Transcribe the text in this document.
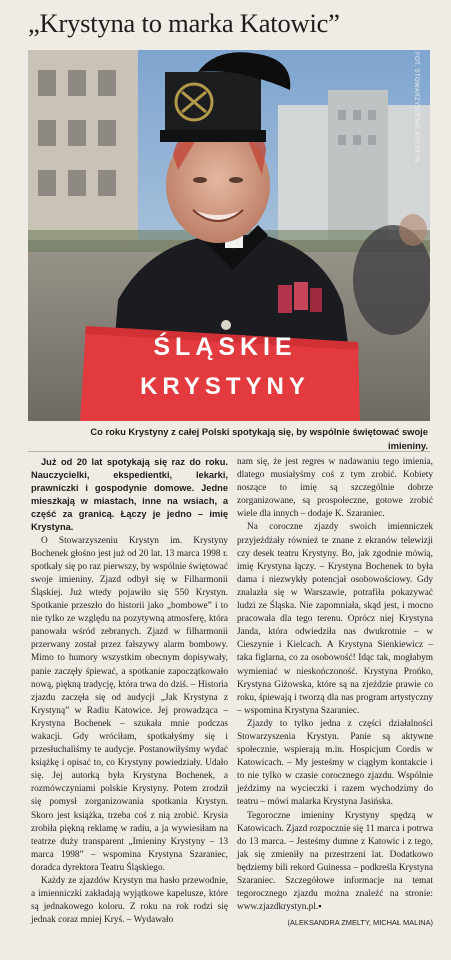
„Krystyna to marka Katowic”
FOT. STOWARZYSZENIE KRYSTYN
ŚLĄSKIE
KRYSTYNY
Co roku Krystyny z całej Polski spotykają się, by wspólnie świętować swoje imieniny.

Już od 20 lat spotykają się raz do roku. Nauczycielki, ekspedientki, lekarki, prawniczki i gospodynie domowe. Jedne mieszkają w miastach, inne na wsiach, a część za granicą. Łączy je jedno – imię Krystyna.

O Stowarzyszeniu Krystyn im. Krystyny Bochenek głośno jest już od 20 lat. 13 marca 1998 r. spotkały się po raz pierwszy, by wspólnie świętować swoje imieniny. Zjazd odbył się w Filharmonii Śląskiej. Już wtedy pojawiło się 550 Krystyn. Spotkanie przeszło do historii jako „bombowe” i to nie tylko ze względu na pozytywną atmosferę, która panowała wśród zebranych. Zjazd w filharmonii przerwany został przez fałszywy alarm bombowy. Mimo to humory wszystkim obecnym dopisywały, panie zaczęły śpiewać, a spotkanie zapoczątkowało nową, piękną tradycję, która trwa do dziś. – Historia zjazdu zaczęła się od audycji „Jak Krystyna z Krystyną” w Radiu Katowice. Jej prowadząca – Krystyna Bochenek – szukała mnie podczas wakacji. Gdy wróciłam, spotkałyśmy się i przesłuchaliśmy te audycje. Postanowiłyśmy wydać książkę i opisać to, co Krystyny powiedziały. Udało się. Jej autorką była Krystyna Bochenek, a rozmówczyniami polskie Krystyny. Potem zrodził się pomysł zorganizowania spotkania Krystyn. Skoro jest książka, trzeba coś z nią zrobić. Krysia zrobiła piękną reklamę w radiu, a ja wywiesiłam na teatrze duży transparent „Imieniny Krystyny – 13 marca 1998” – wspomina Krystyna Szaraniec, doradca dyrektora Teatru Śląskiego.

Każdy ze zjazdów Krystyn ma hasło przewodnie, a imienniczki zakładają wyjątkowe kapelusze, które są jednakowego koloru. Z roku na rok rodzi się jednak coraz mniej Kryś. – Wydawało

nam się, że jest regres w nadawaniu tego imienia, dlatego musiałyśmy coś z tym zrobić. Kobiety noszące to imię są szczególnie dobrze zorganizowane, są prospołeczne, gotowe zrobić wiele dla innych – dodaje K. Szaraniec.

Na coroczne zjazdy swoich imienniczek przyjeżdżały również te znane z ekranów telewizji czy desek teatru Krystyny. Bo, jak zgodnie mówią, imię Krystyna łączy. – Krystyna Bochenek to była dama i niezwykły potencjał osobowościowy. Gdy znalazła się w Warszawie, potrafiła pokazywać ludzi ze Śląska. Nie zapomniała, skąd jest, i mocno pracowała dla tego terenu. Oprócz niej Krystyna Janda, która odwiedziła nas dwukrotnie – w Cieszynie i Kielcach. A Krystyna Sienkiewicz – taka figlarna, co za osobowość! Idąc tak, mogłabym wymieniać w nieskończoność. Krystyna Prońko, Krystyna Giżowska, które są na zjeździe prawie co roku, śpiewają i tworzą dla nas program artystyczny – wspomina Krystyna Szaraniec.

Zjazdy to tylko jedna z części działalności Stowarzyszenia Krystyn. Panie są aktywne społecznie, wspierają m.in. Hospicjum Cordis w Katowicach. – My jesteśmy w ciągłym kontakcie i to nie tylko w czasie corocznego zjazdu. Wspólnie jeździmy na wycieczki i razem wychodzimy do teatru – mówi malarka Krystyna Jasińska.

Tegoroczne imieniny Krystyny spędzą w Katowicach. Zjazd rozpocznie się 11 marca i potrwa do 13 marca. – Jesteśmy dumne z Katowic i z tego, jak się zmieniły na przestrzeni lat. Dodatkowo będziemy bili rekord Guinessa – podkreśla Krystyna Szaraniec. Szczegółowe informacje na temat tegorocznego zjazdu można znaleźć na stronie: www.zjazdkrystyn.pl.▪

(ALEKSANDRA ZMELTY, MICHAŁ MALINA)
